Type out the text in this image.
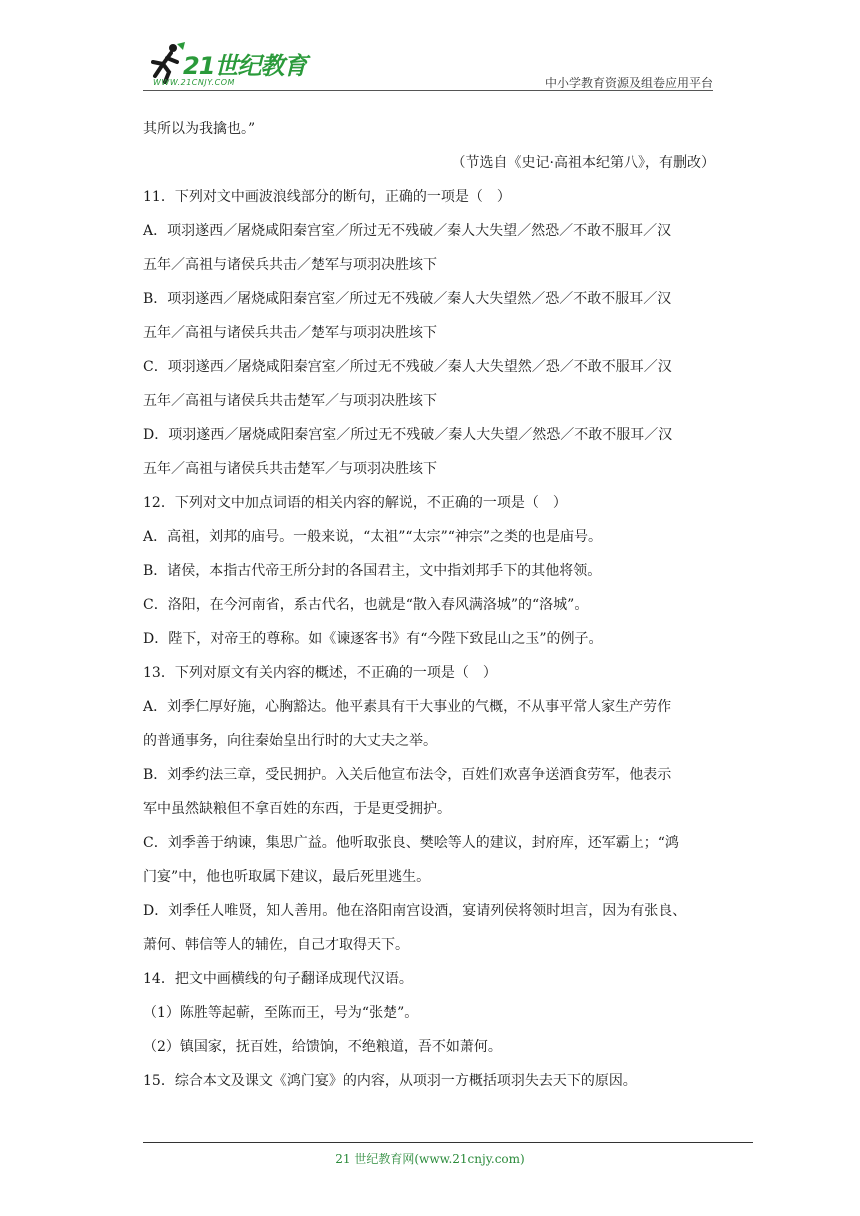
21世纪教育
WWW.21CNJY.COM	中小学教育资源及组卷应用平台
其所以为我擒也。”
（节选自《史记·高祖本纪第八》，有删改）
11．下列对文中画波浪线部分的断句，正确的一项是（　）
A．项羽遂西／屠烧咸阳秦宫室／所过无不残破／秦人大失望／然恐／不敢不服耳／汉
五年／高祖与诸侯兵共击／楚军与项羽决胜垓下
B．项羽遂西／屠烧咸阳秦宫室／所过无不残破／秦人大失望然／恐／不敢不服耳／汉
五年／高祖与诸侯兵共击／楚军与项羽决胜垓下
C．项羽遂西／屠烧咸阳秦宫室／所过无不残破／秦人大失望然／恐／不敢不服耳／汉
五年／高祖与诸侯兵共击楚军／与项羽决胜垓下
D．项羽遂西／屠烧咸阳秦宫室／所过无不残破／秦人大失望／然恐／不敢不服耳／汉
五年／高祖与诸侯兵共击楚军／与项羽决胜垓下
12．下列对文中加点词语的相关内容的解说，不正确的一项是（　）
A．高祖，刘邦的庙号。一般来说，“太祖”“太宗”“神宗”之类的也是庙号。
B．诸侯，本指古代帝王所分封的各国君主，文中指刘邦手下的其他将领。
C．洛阳，在今河南省，系古代名，也就是“散入春风满洛城”的“洛城”。
D．陛下，对帝王的尊称。如《谏逐客书》有“今陛下致昆山之玉”的例子。
13．下列对原文有关内容的概述，不正确的一项是（　）
A．刘季仁厚好施，心胸豁达。他平素具有干大事业的气概，不从事平常人家生产劳作
的普通事务，向往秦始皇出行时的大丈夫之举。
B．刘季约法三章，受民拥护。入关后他宣布法令，百姓们欢喜争送酒食劳军，他表示
军中虽然缺粮但不拿百姓的东西，于是更受拥护。
C．刘季善于纳谏，集思广益。他听取张良、樊哙等人的建议，封府库，还军霸上；“鸿
门宴”中，他也听取属下建议，最后死里逃生。
D．刘季任人唯贤，知人善用。他在洛阳南宫设酒，宴请列侯将领时坦言，因为有张良、
萧何、韩信等人的辅佐，自己才取得天下。
14．把文中画横线的句子翻译成现代汉语。
（1）陈胜等起蕲，至陈而王，号为“张楚”。
（2）镇国家，抚百姓，给馈饷，不绝粮道，吾不如萧何。
15．综合本文及课文《鸿门宴》的内容，从项羽一方概括项羽失去天下的原因。
21 世纪教育网(www.21cnjy.com)
